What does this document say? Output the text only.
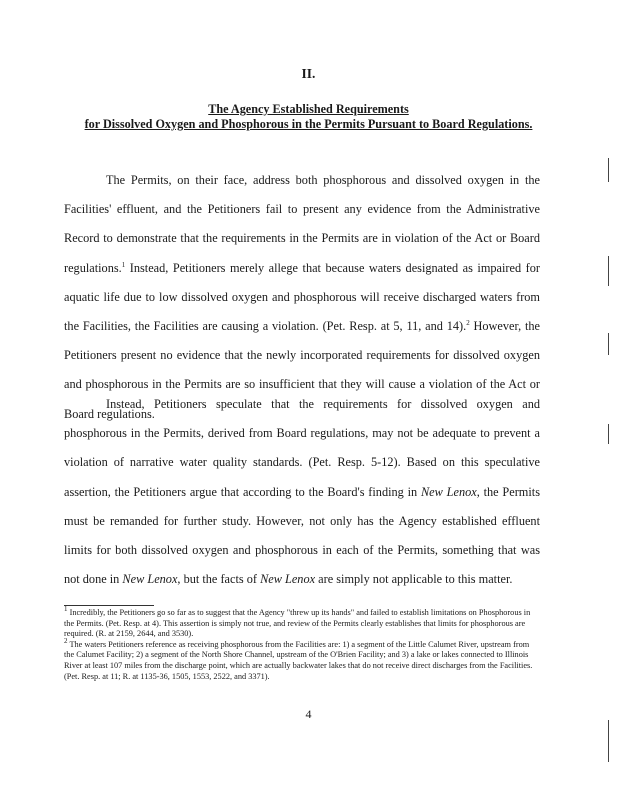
II.
The Agency Established Requirements
for Dissolved Oxygen and Phosphorous in the Permits Pursuant to Board Regulations.

The Permits, on their face, address both phosphorous and dissolved oxygen in the Facilities' effluent, and the Petitioners fail to present any evidence from the Administrative Record to demonstrate that the requirements in the Permits are in violation of the Act or Board regulations.$^1$ Instead, Petitioners merely allege that because waters designated as impaired for aquatic life due to low dissolved oxygen and phosphorous will receive discharged waters from the Facilities, the Facilities are causing a violation. (Pet. Resp. at 5, 11, and 14).$^2$ However, the Petitioners present no evidence that the newly incorporated requirements for dissolved oxygen and phosphorous in the Permits are so insufficient that they will cause a violation of the Act or Board regulations.

Instead, Petitioners speculate that the requirements for dissolved oxygen and phosphorous in the Permits, derived from Board regulations, may not be adequate to prevent a violation of narrative water quality standards. (Pet. Resp. 5-12). Based on this speculative assertion, the Petitioners argue that according to the Board's finding in New Lenox, the Permits must be remanded for further study. However, not only has the Agency established effluent limits for both dissolved oxygen and phosphorous in each of the Permits, something that was not done in New Lenox, but the facts of New Lenox are simply not applicable to this matter.

$^1$ Incredibly, the Petitioners go so far as to suggest that the Agency "threw up its hands" and failed to establish limitations on Phosphorous in the Permits. (Pet. Resp. at 4). This assertion is simply not true, and review of the Permits clearly establishes that limits for phosphorous are required. (R. at 2159, 2644, and 3530).

$^2$ The waters Petitioners reference as receiving phosphorous from the Facilities are: 1) a segment of the Little Calumet River, upstream from the Calumet Facility; 2) a segment of the North Shore Channel, upstream of the O'Brien Facility; and 3) a lake or lakes connected to Illinois River at least 107 miles from the discharge point, which are actually backwater lakes that do not receive direct discharges from the Facilities. (Pet. Resp. at 11; R. at 1135-36, 1505, 1553, 2522, and 3371).

4
